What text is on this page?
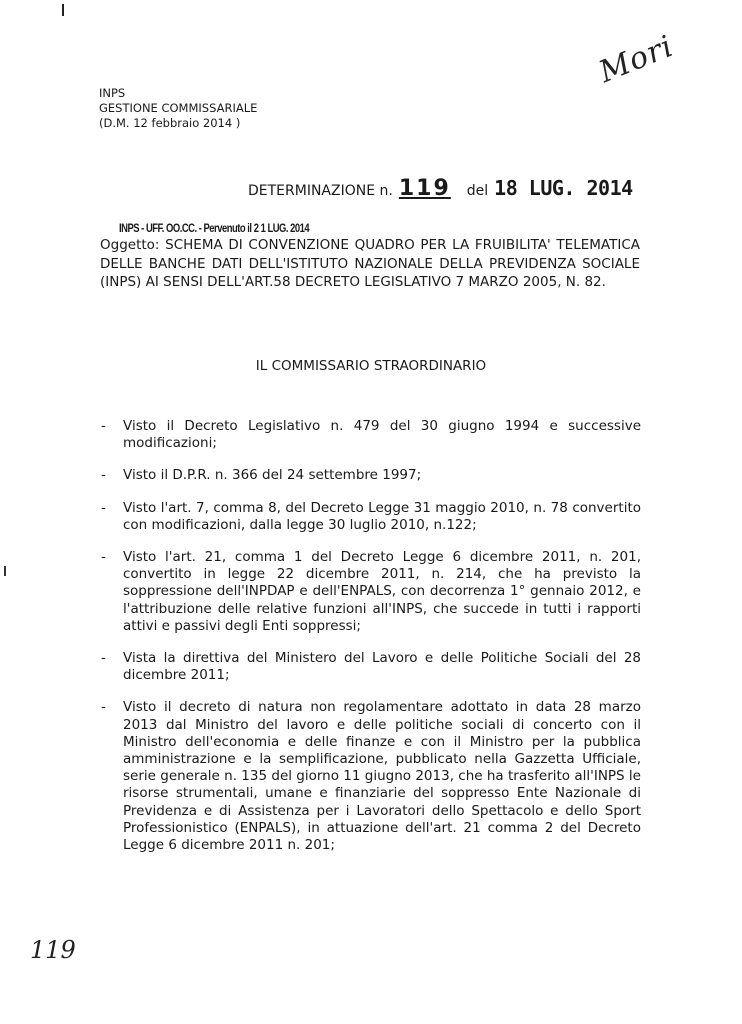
INPS
GESTIONE COMMISSARIALE
(D.M. 12 febbraio 2014 )
Mori
DETERMINAZIONE n. 119 del 18 LUG. 2014
INPS - UFF. OO.CC. - Pervenuto il 2 1 LUG. 2014
Oggetto: SCHEMA DI CONVENZIONE QUADRO PER LA FRUIBILITA' TELEMATICA DELLE BANCHE DATI DELL'ISTITUTO NAZIONALE DELLA PREVIDENZA SOCIALE (INPS) AI SENSI DELL'ART.58 DECRETO LEGISLATIVO 7 MARZO 2005, N. 82.
IL COMMISSARIO STRAORDINARIO
- Visto il Decreto Legislativo n. 479 del 30 giugno 1994 e successive modificazioni;
- Visto il D.P.R. n. 366 del 24 settembre 1997;
- Visto l'art. 7, comma 8, del Decreto Legge 31 maggio 2010, n. 78 convertito con modificazioni, dalla legge 30 luglio 2010, n.122;
- Visto l'art. 21, comma 1 del Decreto Legge 6 dicembre 2011, n. 201, convertito in legge 22 dicembre 2011, n. 214, che ha previsto la soppressione dell'INPDAP e dell'ENPALS, con decorrenza 1° gennaio 2012, e l'attribuzione delle relative funzioni all'INPS, che succede in tutti i rapporti attivi e passivi degli Enti soppressi;
- Vista la direttiva del Ministero del Lavoro e delle Politiche Sociali del 28 dicembre 2011;
- Visto il decreto di natura non regolamentare adottato in data 28 marzo 2013 dal Ministro del lavoro e delle politiche sociali di concerto con il Ministro dell'economia e delle finanze e con il Ministro per la pubblica amministrazione e la semplificazione, pubblicato nella Gazzetta Ufficiale, serie generale n. 135 del giorno 11 giugno 2013, che ha trasferito all'INPS le risorse strumentali, umane e finanziarie del soppresso Ente Nazionale di Previdenza e di Assistenza per i Lavoratori dello Spettacolo e dello Sport Professionistico (ENPALS), in attuazione dell'art. 21 comma 2 del Decreto Legge 6 dicembre 2011 n. 201;
119
